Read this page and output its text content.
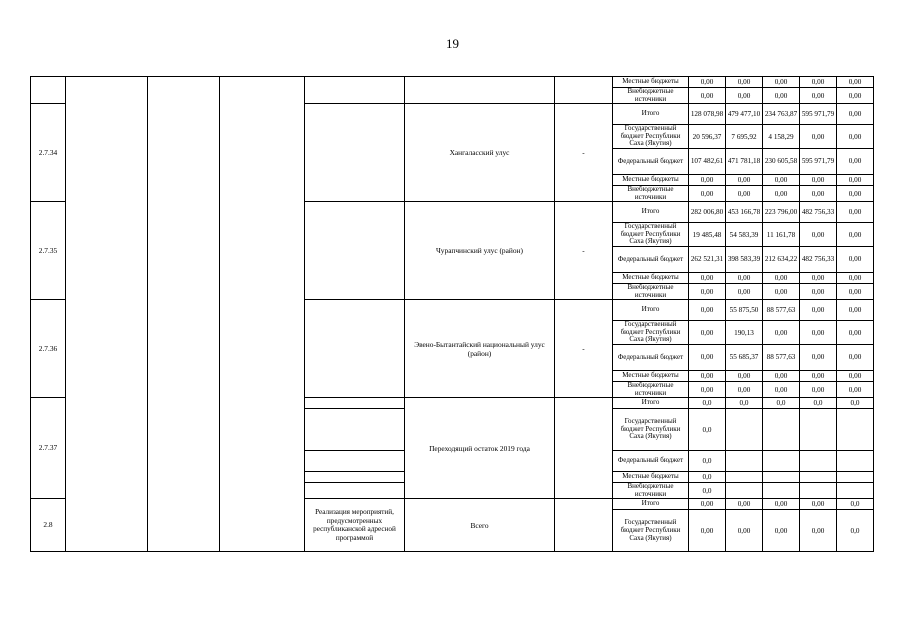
19
							Местные бюджеты	0,00	0,00	0,00	0,00	0,00
							Внебюджетные источники	0,00	0,00	0,00	0,00	0,00
2.7.34					Хангаласский улус	-	Итого	128 078,98	479 477,10	234 763,87	595 971,79	0,00
							Государственный бюджет Республики Саха (Якутия)	20 596,37	7 695,92	4 158,29	0,00	0,00
							Федеральный бюджет	107 482,61	471 781,18	230 605,58	595 971,79	0,00
							Местные бюджеты	0,00	0,00	0,00	0,00	0,00
							Внебюджетные источники	0,00	0,00	0,00	0,00	0,00
2.7.35					Чурапчинский улус (район)	-	Итого	282 006,80	453 166,78	223 796,00	482 756,33	0,00
							Государственный бюджет Республики Саха (Якутия)	19 485,48	54 583,39	11 161,78	0,00	0,00
							Федеральный бюджет	262 521,31	398 583,39	212 634,22	482 756,33	0,00
							Местные бюджеты	0,00	0,00	0,00	0,00	0,00
							Внебюджетные источники	0,00	0,00	0,00	0,00	0,00
2.7.36					Эвено-Бытантайский национальный улус (район)	-	Итого	0,00	55 875,50	88 577,63	0,00	0,00
							Государственный бюджет Республики Саха (Якутия)	0,00	190,13	0,00	0,00	0,00
							Федеральный бюджет	0,00	55 685,37	88 577,63	0,00	0,00
							Местные бюджеты	0,00	0,00	0,00	0,00	0,00
							Внебюджетные источники	0,00	0,00	0,00	0,00	0,00
2.7.37					Переходящий остаток 2019 года		Итого	0,0	0,0	0,0	0,0	0,0
							Государственный бюджет Республики Саха (Якутия)	0,0				
							Федеральный бюджет	0,0				
							Местные бюджеты	0,0				
							Внебюджетные источники	0,0				
2.8				Реализация мероприятий, предусмотренных республиканской адресной программой	Всего		Итого	0,00	0,00	0,00	0,00	0,0
							Государственный бюджет Республики Саха (Якутия)	0,00	0,00	0,00	0,00	0,0
